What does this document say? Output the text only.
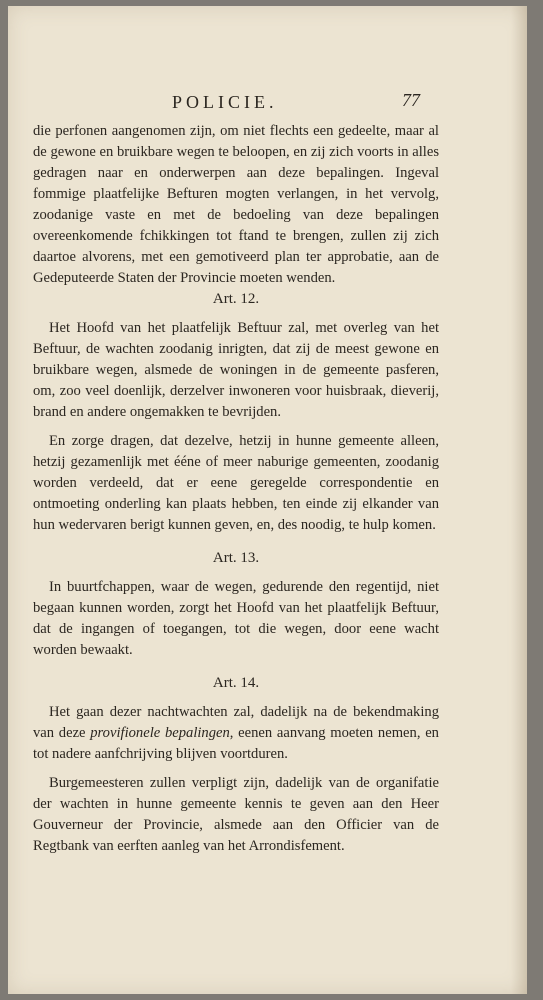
POLICIE.	77

die perfonen aangenomen zijn, om niet flechts een gedeelte, maar al de gewone en bruikbare wegen te beloopen, en zij zich voorts in alles gedragen naar en onderwerpen aan deze bepalingen. Ingeval fommige plaatfelijke Befturen mogten verlangen, in het vervolg, zoodanige vaste en met de bedoeling van deze bepalingen overeenkomende fchikkingen tot ftand te brengen, zullen zij zich daartoe alvorens, met een gemotiveerd plan ter approbatie, aan de Gedeputeerde Staten der Provincie moeten wenden.

Art. 12.

Het Hoofd van het plaatfelijk Beftuur zal, met overleg van het Beftuur, de wachten zoodanig inrigten, dat zij de meest gewone en bruikbare wegen, alsmede de woningen in de gemeente pasferen, om, zoo veel doenlijk, derzelver inwoneren voor huisbraak, dieverij, brand en andere ongemakken te bevrijden.

En zorge dragen, dat dezelve, hetzij in hunne gemeente alleen, hetzij gezamenlijk met ééne of meer naburige gemeenten, zoodanig worden verdeeld, dat er eene geregelde correspondentie en ontmoeting onderling kan plaats hebben, ten einde zij elkander van hun wedervaren berigt kunnen geven, en, des noodig, te hulp komen.

Art. 13.

In buurtfchappen, waar de wegen, gedurende den regentijd, niet begaan kunnen worden, zorgt het Hoofd van het plaatfelijk Beftuur, dat de ingangen of toegangen, tot die wegen, door eene wacht worden bewaakt.

Art. 14.

Het gaan dezer nachtwachten zal, dadelijk na de bekendmaking van deze provifionele bepalingen, eenen aanvang moeten nemen, en tot nadere aanfchrijving blijven voortduren.

Burgemeesteren zullen verpligt zijn, dadelijk van de organifatie der wachten in hunne gemeente kennis te geven aan den Heer Gouverneur der Provincie, alsmede aan den Officier van de Regtbank van eerften aanleg van het Arrondisfement.
